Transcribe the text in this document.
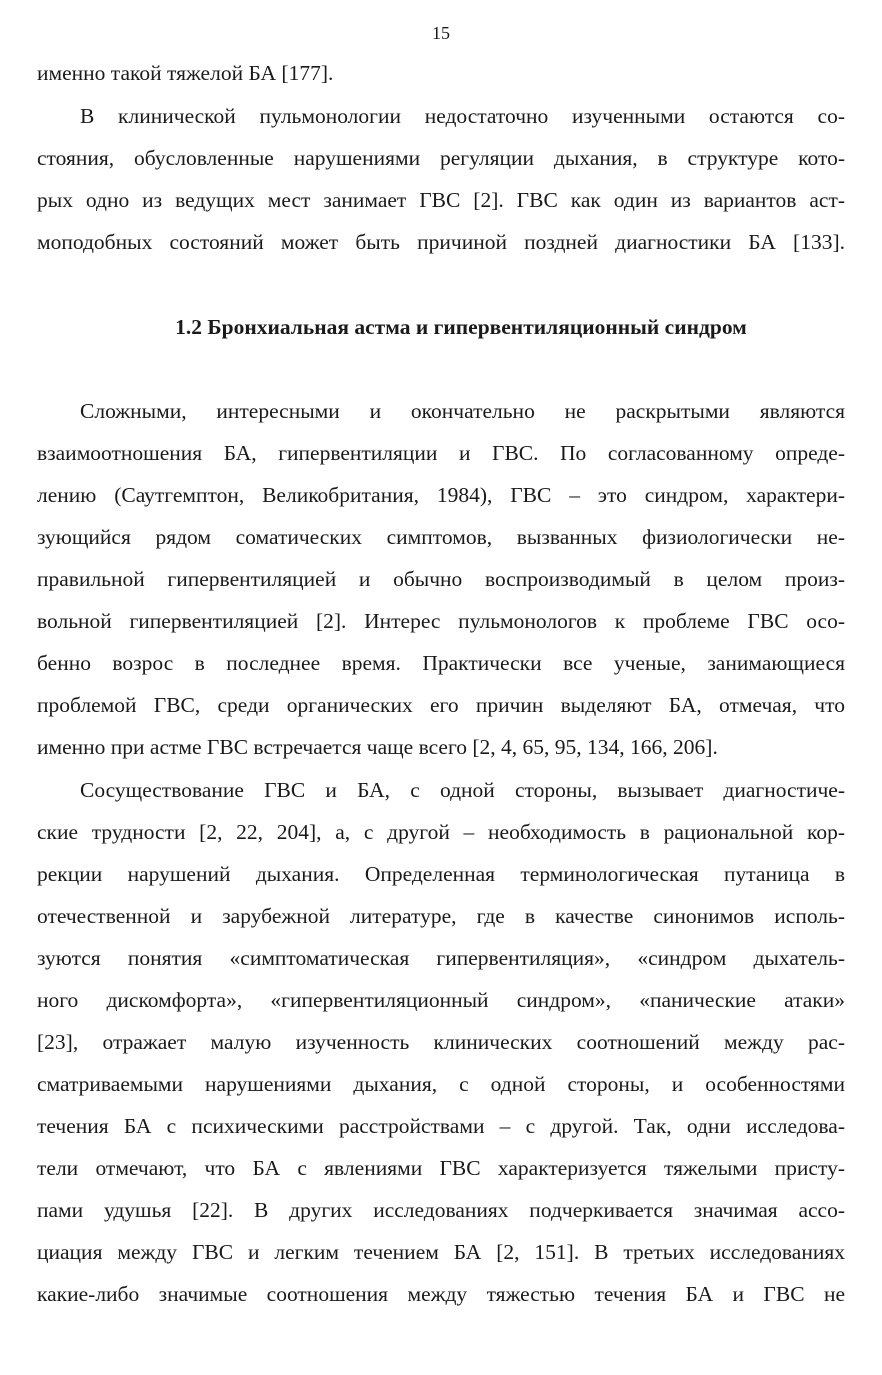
15
именно такой тяжелой БА [177].
В клинической пульмонологии недостаточно изученными остаются со-
стояния, обусловленные нарушениями регуляции дыхания, в структуре кото-
рых одно из ведущих мест занимает ГВС [2]. ГВС как один из вариантов аст-
моподобных состояний может быть причиной поздней диагностики БА [133].
1.2 Бронхиальная астма и гипервентиляционный синдром
Сложными, интересными и окончательно не раскрытыми являются
взаимоотношения БА, гипервентиляции и ГВС. По согласованному опреде-
лению (Саутгемптон, Великобритания, 1984), ГВС – это синдром, характери-
зующийся рядом соматических симптомов, вызванных физиологически не-
правильной гипервентиляцией и обычно воспроизводимый в целом произ-
вольной гипервентиляцией [2]. Интерес пульмонологов к проблеме ГВС осо-
бенно возрос в последнее время. Практически все ученые, занимающиеся
проблемой ГВС, среди органических его причин выделяют БА, отмечая, что
именно при астме ГВС встречается чаще всего [2, 4, 65, 95, 134, 166, 206].
Сосуществование ГВС и БА, с одной стороны, вызывает диагностиче-
ские трудности [2, 22, 204], а, с другой – необходимость в рациональной кор-
рекции нарушений дыхания. Определенная терминологическая путаница в
отечественной и зарубежной литературе, где в качестве синонимов исполь-
зуются понятия «симптоматическая гипервентиляция», «синдром дыхатель-
ного дискомфорта», «гипервентиляционный синдром», «панические атаки»
[23], отражает малую изученность клинических соотношений между рас-
сматриваемыми нарушениями дыхания, с одной стороны, и особенностями
течения БА с психическими расстройствами – с другой. Так, одни исследова-
тели отмечают, что БА с явлениями ГВС характеризуется тяжелыми присту-
пами удушья [22]. В других исследованиях подчеркивается значимая ассо-
циация между ГВС и легким течением БА [2, 151]. В третьих исследованиях
какие-либо значимые соотношения между тяжестью течения БА и ГВС не
